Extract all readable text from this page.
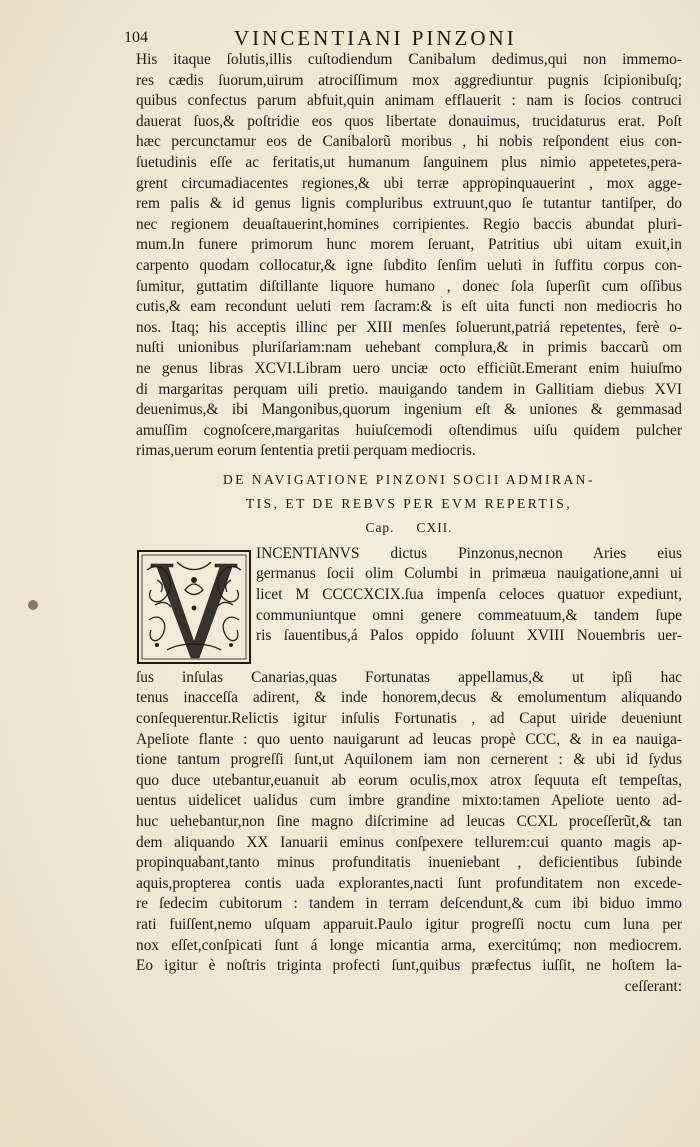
104	VINCENTIANI PINZONI
His itaque ſolutis,illis cuſtodiendum Canibalum dedimus,qui non immemo-
res cædis ſuorum,uirum atrociſſimum mox aggrediuntur pugnis ſcipionibuſq;
quibus confectus parum abfuit,quin animam efflauerit : nam is ſocios contruci
dauerat ſuos,& poſtridie eos quos libertate donauimus, trucidaturus erat. Poſt
hæc percunctamur eos de Canibalorũ moribus , hi nobis reſpondent eius con-
ſuetudinis eſſe ac feritatis,ut humanum ſanguinem plus nimio appetetes,pera-
grent circumadiacentes regiones,& ubi terræ appropinquauerint , mox agge-
rem palis & id genus lignis compluribus extruunt,quo ſe tutantur tantiſper, do
nec regionem deuaſtauerint,homines corripientes. Regio baccis abundat pluri-
mum.In funere primorum hunc morem ſeruant, Patritius ubi uitam exuit,in
carpento quodam collocatur,& igne ſubdito ſenſim ueluti in ſuffitu corpus con-
ſumitur, guttatim diſtillante liquore humano , donec ſola ſuperſit cum oſſibus
cutis,& eam recondunt ueluti rem ſacram:& is eſt uita functi non mediocris ho
nos. Itaq; his acceptis illinc per XIII menſes ſoluerunt,patriá repetentes, ferè o-
nuſti unionibus pluriſariam:nam uehebant complura,& in primis baccarũ om
ne genus libras XCVI.Libram uero unciæ octo efficiũt.Emerant enim huiuſmo
di margaritas perquam uili pretio. mauigando tandem in Gallitiam diebus XVI
deuenimus,& ibi Mangonibus,quorum ingenium eſt & uniones & gemmasad
amuſſim cognoſcere,margaritas huiuſcemodi oſtendimus uiſu quidem pulcher
rimas,uerum eorum ſententia pretii perquam mediocris.
DE NAVIGATIONE PINZONI SOCII ADMIRAN-
TIS, ET DE REBVS PER EVM REPERTIS,
Cap.     CXII.
INCENTIANVS dictus Pinzonus,necnon Aries eius
germanus ſocii olim Columbi in primæua nauigatione,anni ui
licet M CCCCXCIX.ſua impenſa celoces quatuor expediunt,
communiuntque omni genere commeatuum,& tandem ſupe
ris ſauentibus,á Palos oppido ſoluunt XVIII Nouembris uer-
ſus inſulas Canarias,quas Fortunatas appellamus,& ut ipſi hac
tenus inacceſſa adirent, & inde honorem,decus & emolumentum aliquando
conſequerentur.Relictis igitur inſulis Fortunatis , ad Caput uiride deueniunt
Apeliote flante : quo uento nauigarunt ad leucas propè CCC, & in ea nauiga-
tione tantum progreſſi ſunt,ut Aquilonem iam non cernerent : & ubi id ſydus
quo duce utebantur,euanuit ab eorum oculis,mox atrox ſequuta eſt tempeſtas,
uentus uidelicet ualidus cum imbre grandine mixto:tamen Apeliote uento ad-
huc uehebantur,non ſine magno diſcrimine ad leucas CCXL proceſſerũt,& tan
dem aliquando XX Ianuarii eminus conſpexere tellurem:cui quanto magis ap-
propinquabant,tanto minus profunditatis inueniebant , deficientibus ſubinde
aquis,propterea contis uada explorantes,nacti ſunt profunditatem non excede-
re ſedecim cubitorum : tandem in terram deſcendunt,& cum ibi biduo immo
rati fuiſſent,nemo uſquam apparuit.Paulo igitur progreſſi noctu cum luna per
nox eſſet,conſpicati ſunt á longe micantia arma, exercitúmq; non mediocrem.
Eo igitur è noſtris triginta profecti ſunt,quibus præfectus iuſſit, ne hoſtem la-
ceſſerant:
